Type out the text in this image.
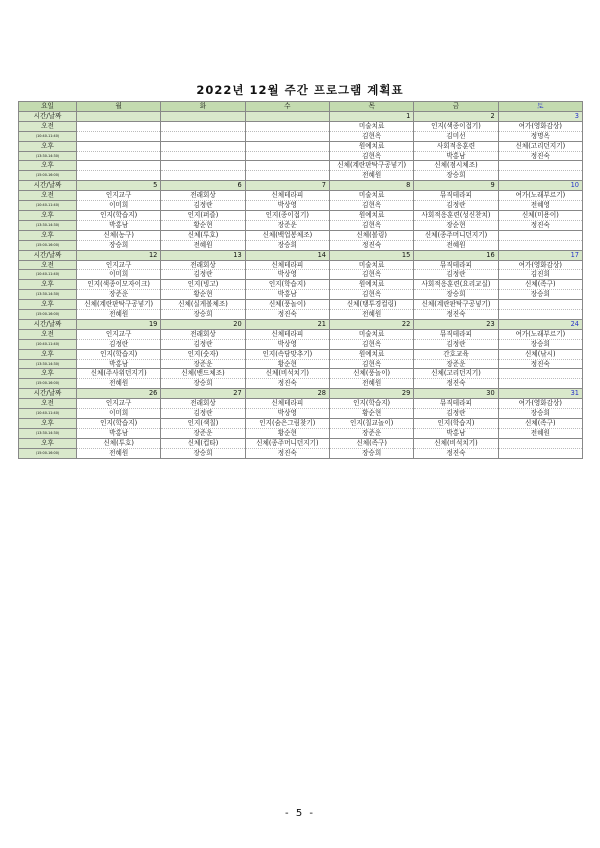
2022년 12월 주간 프로그램 계획표
요일	월	화	수	목	금	토
시간/날짜				1	2	3
오전				미술치료	인지(색종이접기)	여가(영화감상)
(10:40-11:40)				김현옥	김미선	정명옥
오후				원예치료	사회적응훈련	신체(고리던지기)
(13:30-14:30)				김현옥	박홍남	정진숙
오후				신체(계란판탁구공넣기)	신체(점시체조)	
(15:00-16:00)				전혜원	장승희	
시간/날짜	5	6	7	8	9	10
오전	인지교구	전래회상	신체테라피	미술치료	뮤직테라피	여가(노래부르기)
(10:40-11:40)	이미희	김정란	박상영	김현옥	김정란	전혜영
오후	인지(학습지)	인지(퍼즐)	인지(종이접기)	원예치료	사회적응훈련(성신찬치)	신체(미용이)
(13:30-14:30)	박홍남	황순현	장준운	김현옥	장순현	정진숙
오후	신체(농구)	신체(투호)	신체(백업봉체조)	신체(볼링)	신체(종주머니던지기)	
(15:00-16:00)	장승희	전혜원	장승희	정진숙	전혜원	
시간/날짜	12	13	14	15	16	17
오전	인지교구	전래회상	신체테라피	미술치료	뮤직테라피	여가(영화감상)
(10:40-11:40)	이미희	김정란	박상영	김현옥	김정란	김진희
오후	인지(색종이모자이크)	인지(빙고)	인지(학습지)	원예치료	사회적응훈련(요리교실)	신체(족구)
(13:30-14:30)	장준운	황순현	박홍남	김현옥	장승희	장승희
오후	신체(계란판탁구공넣기)	신체(실게볼체조)	신체(풍놀이)	신체(탱투경컬링)	신체(계란판탁구공넣기)	
(15:00-16:00)	전혜원	장승희	정진숙	전혜원	정진숙	
시간/날짜	19	20	21	22	23	24
오전	인지교구	전래회상	신체테라피	미술치료	뮤직테라피	여가(노래부르기)
(10:40-11:40)	김정란	김정란	박상영	김현옥	김정란	장승희
오후	인지(학습지)	인지(숫자)	인지(속담맞추기)	원예치료	간호교육	신체(낚시)
(13:30-14:30)	박홍남	장준운	황순현	김현옥	장준운	정진숙
오후	신체(주사위던지기)	신체(밴드체조)	신체(비석치기)	신체(풍놀이)	신체(고리던지기)	
(15:00-16:00)	전혜원	장승희	정진숙	전혜원	정진숙	
시간/날짜	26	27	28	29	30	31
오전	인지교구	전래회상	신체테라피	인지(학습지)	뮤직테라피	여가(영화감상)
(10:40-11:40)	이미희	김정란	박상영	황순현	김정란	장승희
오후	인지(학습지)	인지(색칠)	인지(숨은그림찾기)	인지(칠교놀이)	인지(학습지)	신체(족구)
(13:30-14:30)	박홍남	장준운	황순현	장준운	박홍남	전혜원
오후	신체(투호)	신체(컵타)	신체(종주머니던지기)	신체(족구)	신체(비석치기)	
(15:00-16:00)	전혜원	장승희	정진숙	장승희	정진숙	
- 5 -
